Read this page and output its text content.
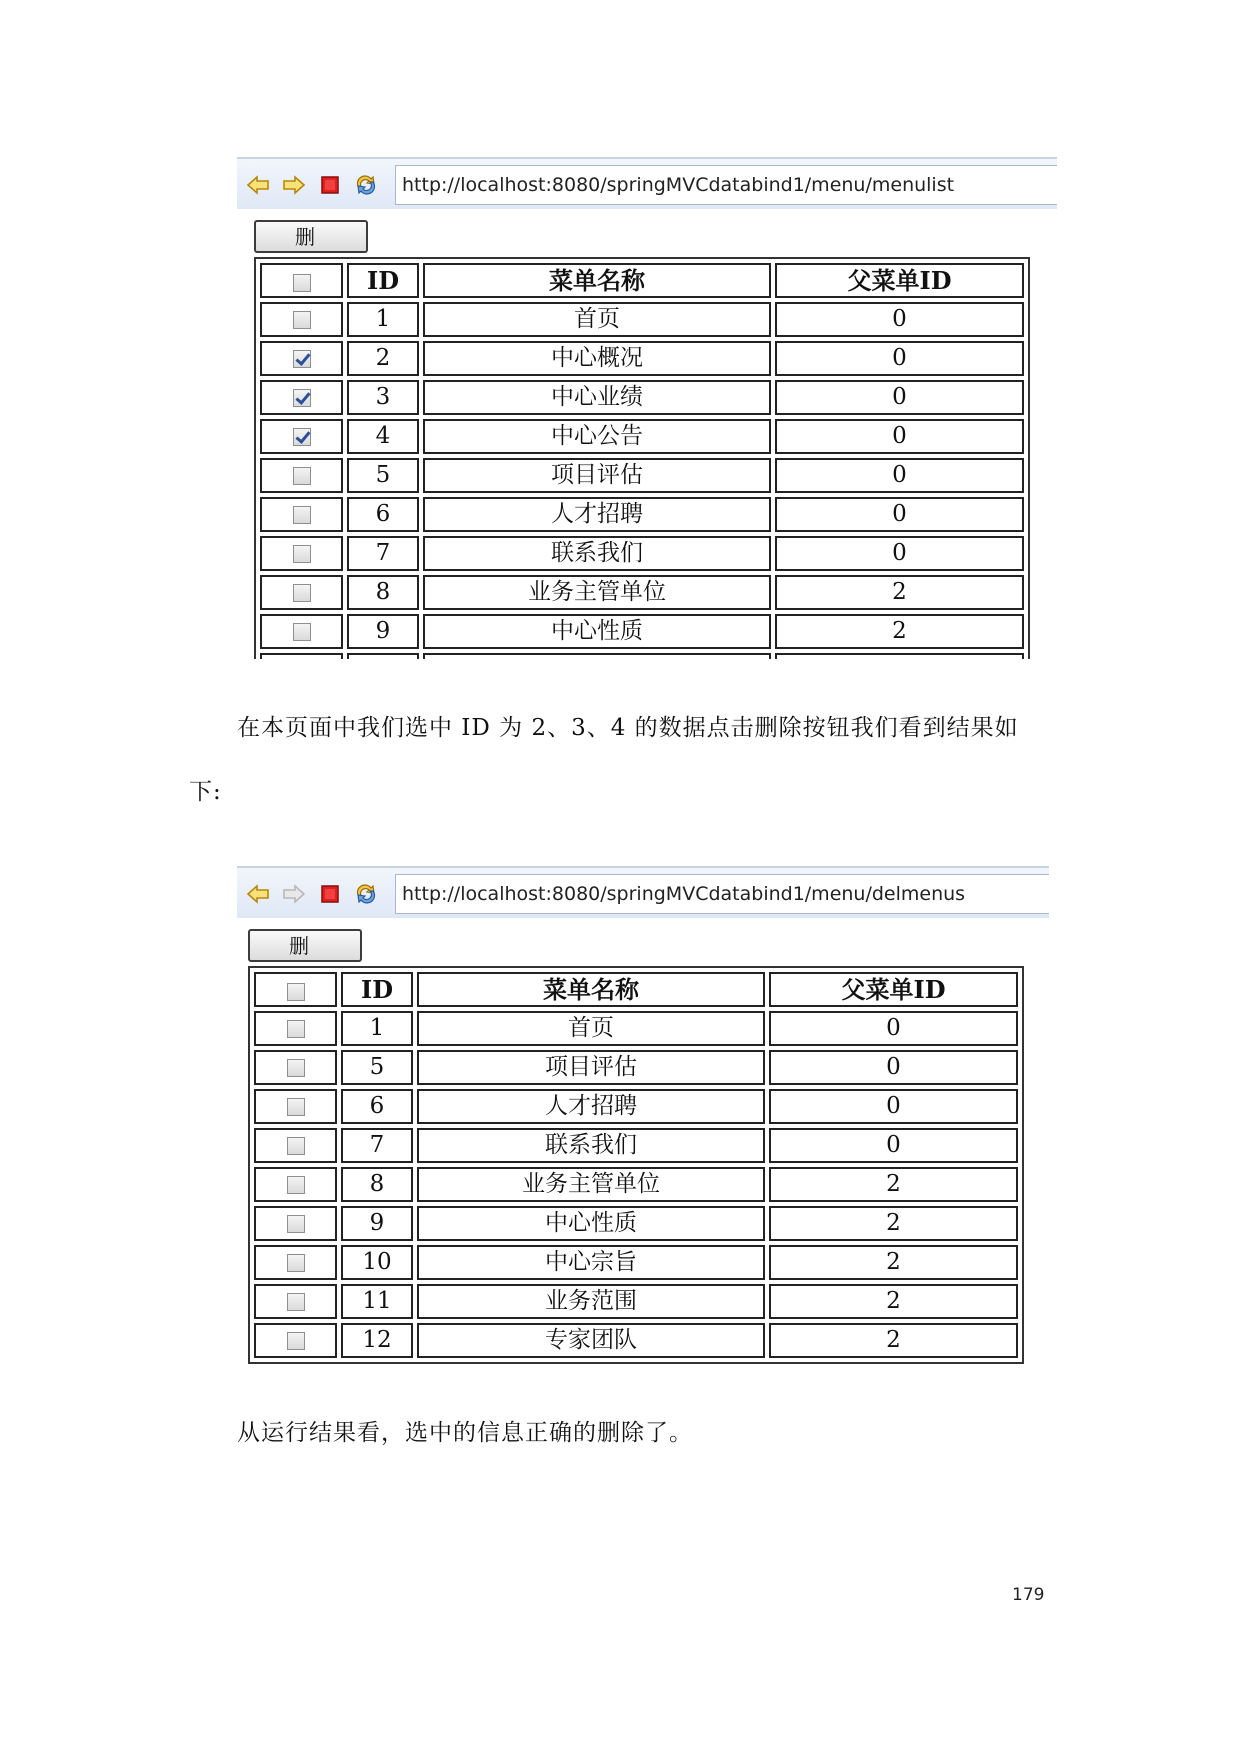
http://localhost:8080/springMVCdatabind1/menu/menulist
删
	ID	菜单名称	父菜单ID
	1	首页	0
	2	中心概况	0
	3	中心业绩	0
	4	中心公告	0
	5	项目评估	0
	6	人才招聘	0
	7	联系我们	0
	8	业务主管单位	2
	9	中心性质	2

在本页面中我们选中 ID 为 2、3、4 的数据点击删除按钮我们看到结果如
下:
http://localhost:8080/springMVCdatabind1/menu/delmenus
删
	ID	菜单名称	父菜单ID
	1	首页	0
	5	项目评估	0
	6	人才招聘	0
	7	联系我们	0
	8	业务主管单位	2
	9	中心性质	2
	10	中心宗旨	2
	11	业务范围	2
	12	专家团队	2
从运行结果看，选中的信息正确的删除了。
179
